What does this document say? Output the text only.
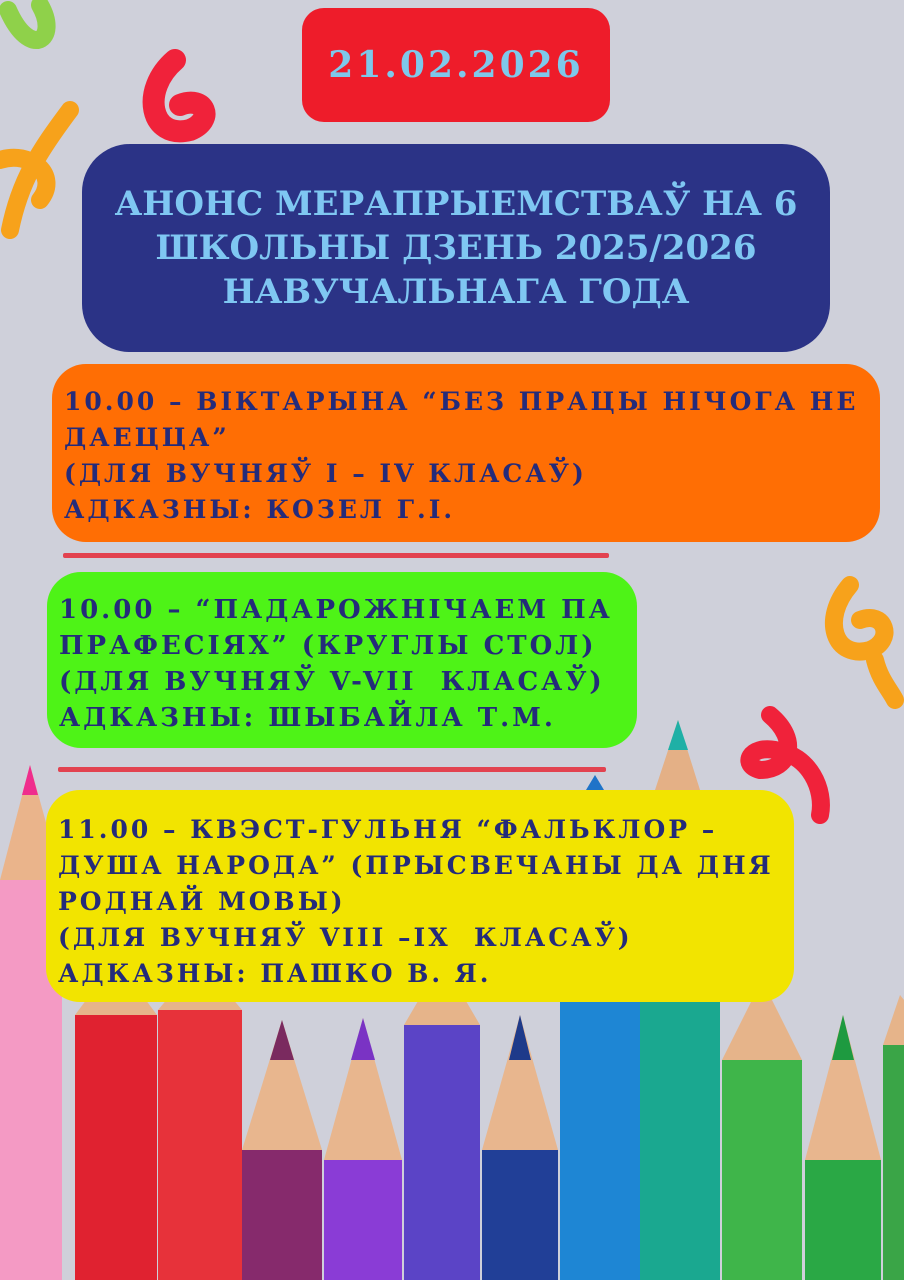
21.02.2026
АНОНС МЕРАПРЫЕМСТВАЎ НА 6 ШКОЛЬНЫ ДЗЕНЬ 2025/2026 НАВУЧАЛЬНАГА ГОДА
10.00 – ВІКТАРЫНА “БЕЗ ПРАЦЫ НІЧОГА НЕ ДАЕЦЦА”
(ДЛЯ ВУЧНЯЎ I – IV КЛАСАЎ)
АДКАЗНЫ: КОЗЕЛ Г.І.
10.00 – “ПАДАРОЖНІЧАЕМ ПА ПРАФЕСІЯХ” (КРУГЛЫ СТОЛ)
(ДЛЯ ВУЧНЯЎ V-VII  КЛАСАЎ)
АДКАЗНЫ: ШЫБАЙЛА Т.М.
11.00 – КВЭСТ-ГУЛЬНЯ “ФАЛЬКЛОР – ДУША НАРОДА” (ПРЫСВЕЧАНЫ ДА ДНЯ РОДНАЙ МОВЫ)
(ДЛЯ ВУЧНЯЎ VIII –IX  КЛАСАЎ)
АДКАЗНЫ: ПАШКО В. Я.
